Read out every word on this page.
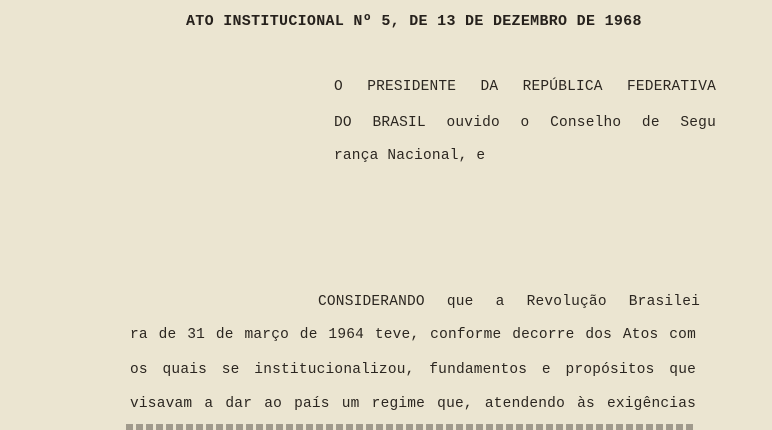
ATO INSTITUCIONAL Nº 5, DE 13 DE DEZEMBRO DE 1968
O PRESIDENTE DA REPÚBLICA FEDERATIVA
DO BRASIL ouvido o Conselho de Segu
rança Nacional, e
CONSIDERANDO que a Revolução Brasilei
ra de 31 de março de 1964 teve, conforme decorre dos Atos com
os quais se institucionalizou, fundamentos e propósitos que
visavam a dar ao país um regime que, atendendo às exigências
